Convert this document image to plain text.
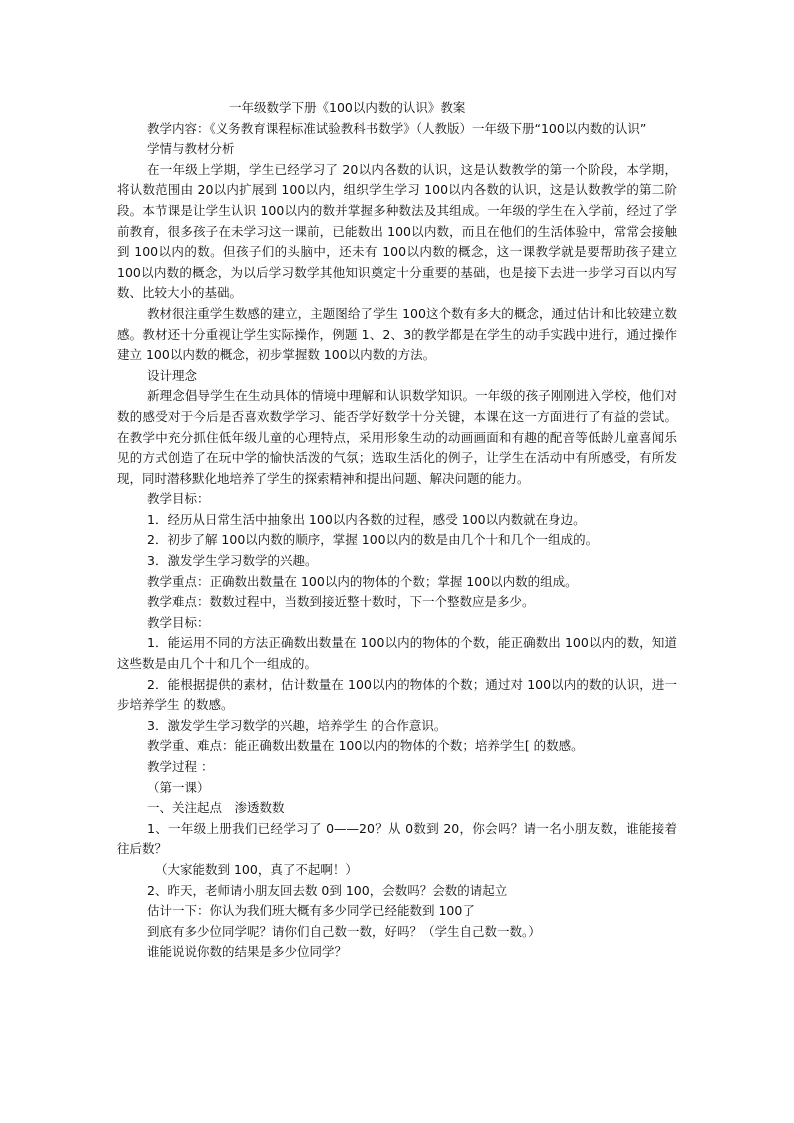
一年级数学下册《100以内数的认识》教案

教学内容：《义务教育课程标准试验教科书数学》（人教版）一年级下册“100以内数的认识”

学情与教材分析

在一年级上学期，学生已经学习了 20以内各数的认识，这是认数教学的第一个阶段，本学期，将认数范围由 20以内扩展到 100以内，组织学生学习 100以内各数的认识，这是认数教学的第二阶段。本节课是让学生认识 100以内的数并掌握多种数法及其组成。一年级的学生在入学前，经过了学前教育，很多孩子在未学习这一课前，已能数出 100以内数，而且在他们的生活体验中，常常会接触到 100以内的数。但孩子们的头脑中，还未有 100以内数的概念，这一课教学就是要帮助孩子建立 100以内数的概念，为以后学习数学其他知识奠定十分重要的基础，也是接下去进一步学习百以内写数、比较大小的基础。

教材很注重学生数感的建立，主题图给了学生 100这个数有多大的概念，通过估计和比较建立数感。教材还十分重视让学生实际操作，例题 1、2、3的教学都是在学生的动手实践中进行，通过操作建立 100以内数的概念，初步掌握数 100以内数的方法。

设计理念

新理念倡导学生在生动具体的情境中理解和认识数学知识。一年级的孩子刚刚进入学校，他们对数的感受对于今后是否喜欢数学学习、能否学好数学十分关键，本课在这一方面进行了有益的尝试。在教学中充分抓住低年级儿童的心理特点，采用形象生动的动画画面和有趣的配音等低龄儿童喜闻乐见的方式创造了在玩中学的愉快活泼的气氛；选取生活化的例子，让学生在活动中有所感受，有所发现，同时潜移默化地培养了学生的探索精神和提出问题、解决问题的能力。

教学目标：

1．经历从日常生活中抽象出 100以内各数的过程，感受 100以内数就在身边。

2．初步了解 100以内数的顺序，掌握 100以内的数是由几个十和几个一组成的。

3．激发学生学习数学的兴趣。

教学重点：正确数出数量在 100以内的物体的个数；掌握 100以内数的组成。

教学难点：数数过程中，当数到接近整十数时，下一个整数应是多少。

教学目标：

1．能运用不同的方法正确数出数量在 100以内的物体的个数，能正确数出 100以内的数，知道这些数是由几个十和几个一组成的。

2．能根据提供的素材，估计数量在 100以内的物体的个数；通过对 100以内的数的认识，进一步培养学生 的数感。

3．激发学生学习数学的兴趣，培养学生 的合作意识。

教学重、难点：能正确数出数量在 100以内的物体的个数；培养学生[ 的数感。

教学过程 ：

（第一课）

一、关注起点　渗透数数

1、一年级上册我们已经学习了 0——20？从 0数到 20，你会吗？请一名小朋友数，谁能接着往后数？

（大家能数到 100，真了不起啊！）

2、昨天，老师请小朋友回去数 0到 100，会数吗？会数的请起立

估计一下：你认为我们班大概有多少同学已经能数到 100了

到底有多少位同学呢？请你们自己数一数，好吗？（学生自己数一数。）

谁能说说你数的结果是多少位同学？
